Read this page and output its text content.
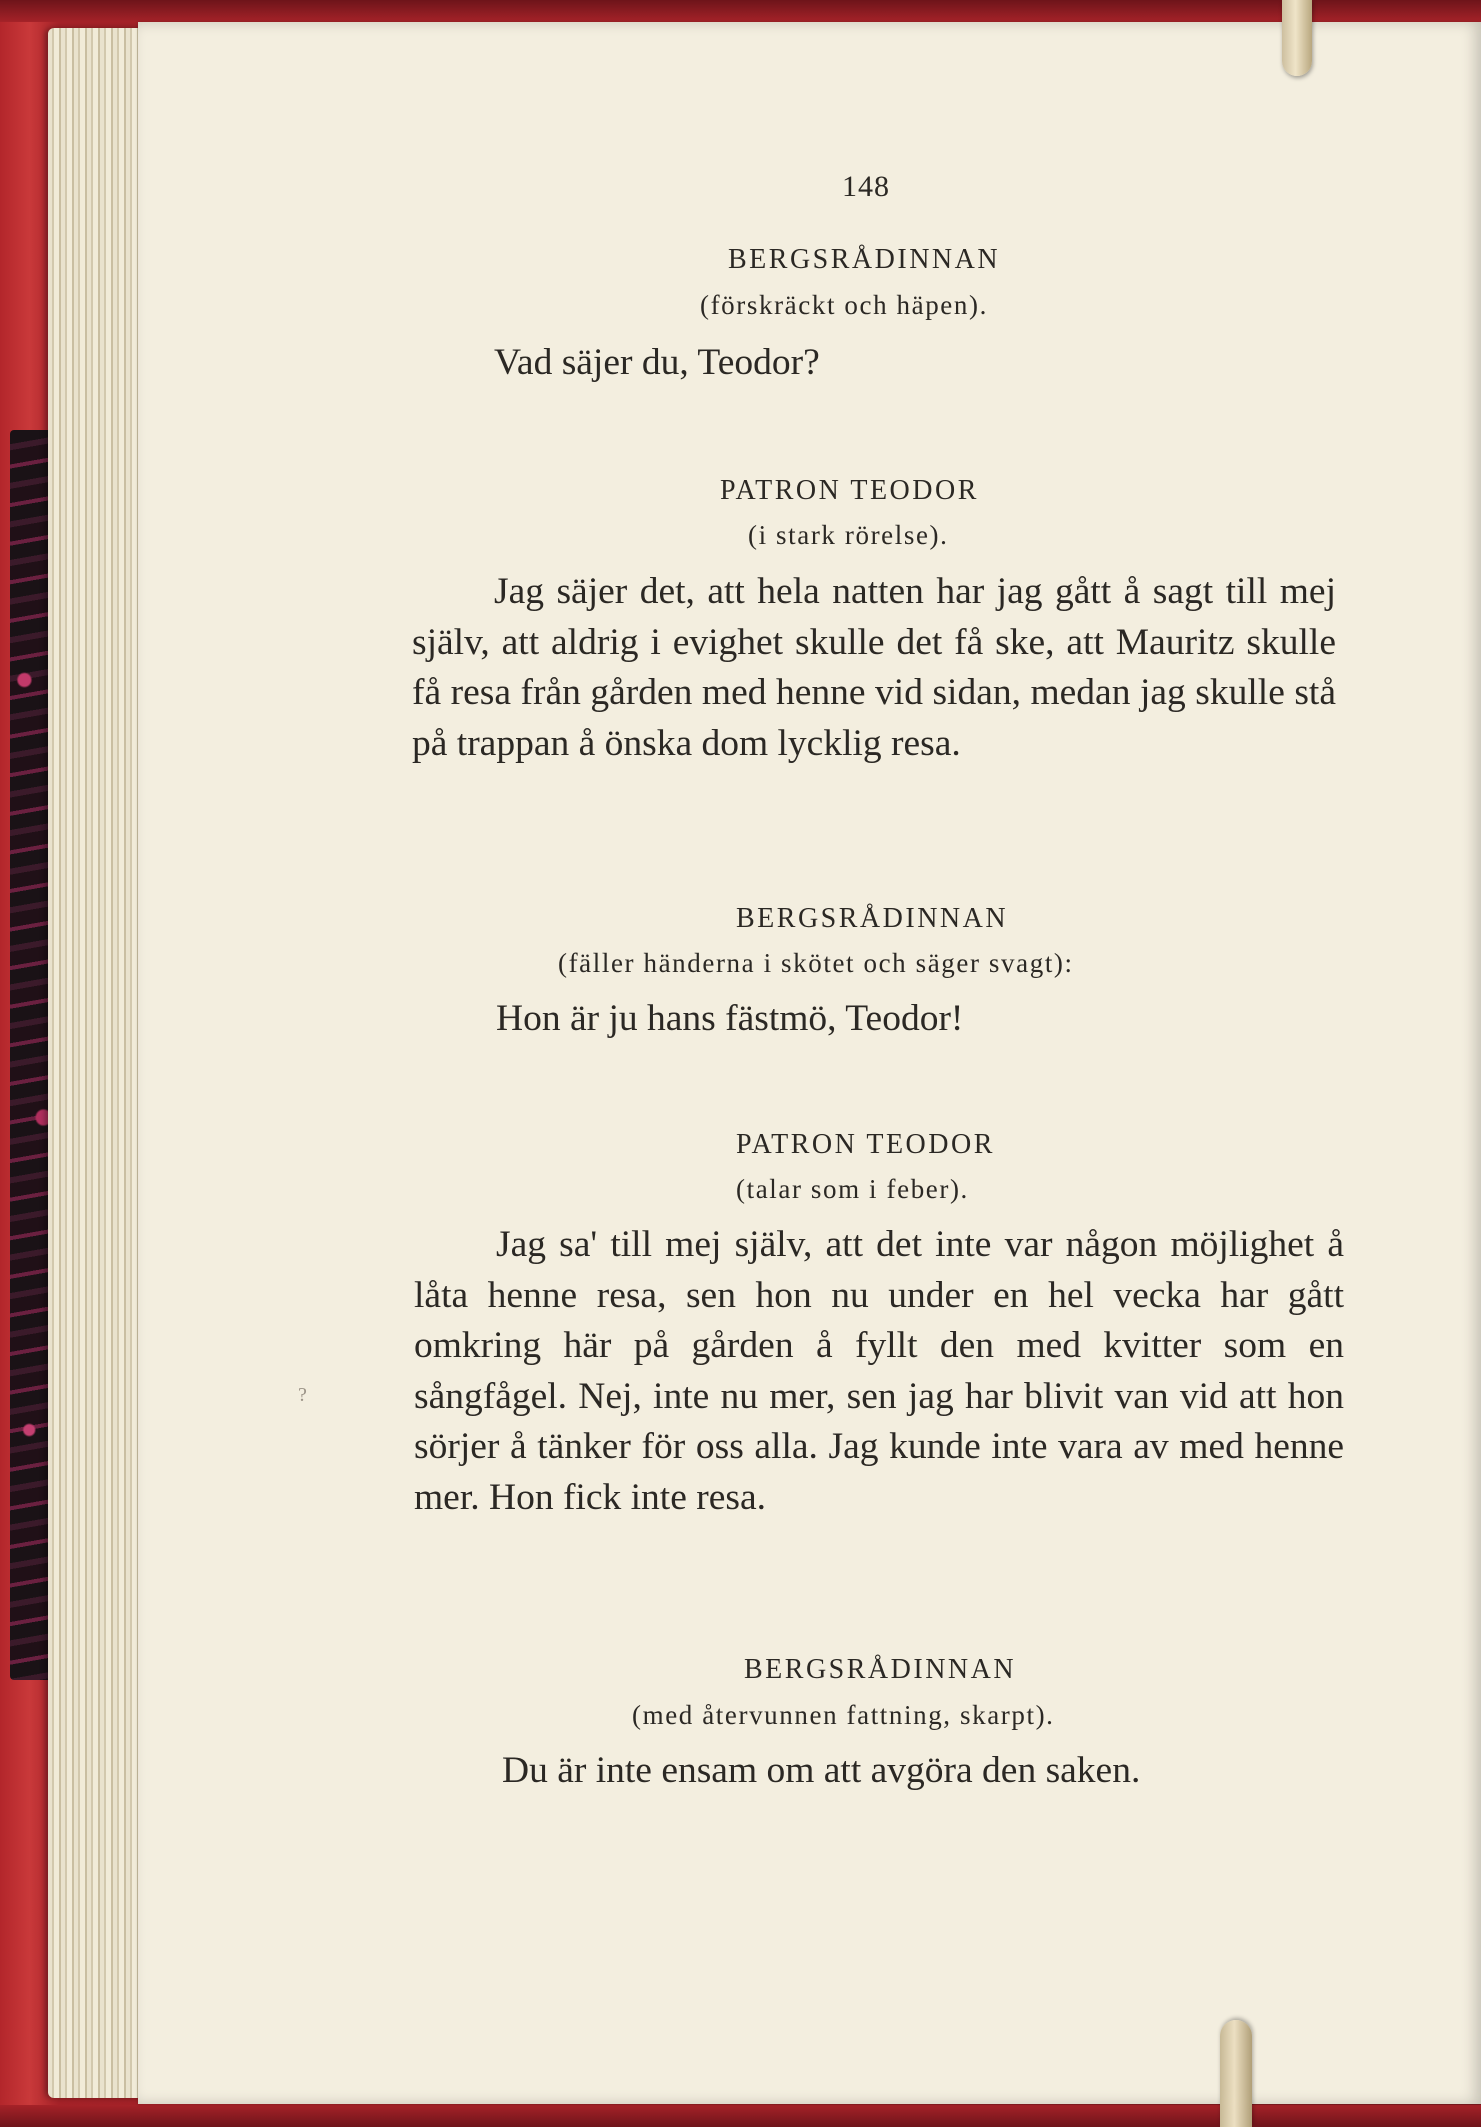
148
BERGSRÅDINNAN
(förskräckt och häpen).
Vad säjer du, Teodor?
PATRON TEODOR
(i stark rörelse).
Jag säjer det, att hela natten har jag gått å sagt till mej själv, att aldrig i evighet skulle det få ske, att Mauritz skulle få resa från gården med henne vid sidan, medan jag skulle stå på trappan å önska dom lycklig resa.
BERGSRÅDINNAN
(fäller händerna i skötet och säger svagt):
Hon är ju hans fästmö, Teodor!
PATRON TEODOR
(talar som i feber).
Jag sa' till mej själv, att det inte var någon möjlighet å låta henne resa, sen hon nu under en hel vecka har gått omkring här på gården å fyllt den med kvitter som en sångfågel. Nej, inte nu mer, sen jag har blivit van vid att hon sörjer å tänker för oss alla. Jag kunde inte vara av med henne mer. Hon fick inte resa.
BERGSRÅDINNAN
(med återvunnen fattning, skarpt).
Du är inte ensam om att avgöra den saken.
?
